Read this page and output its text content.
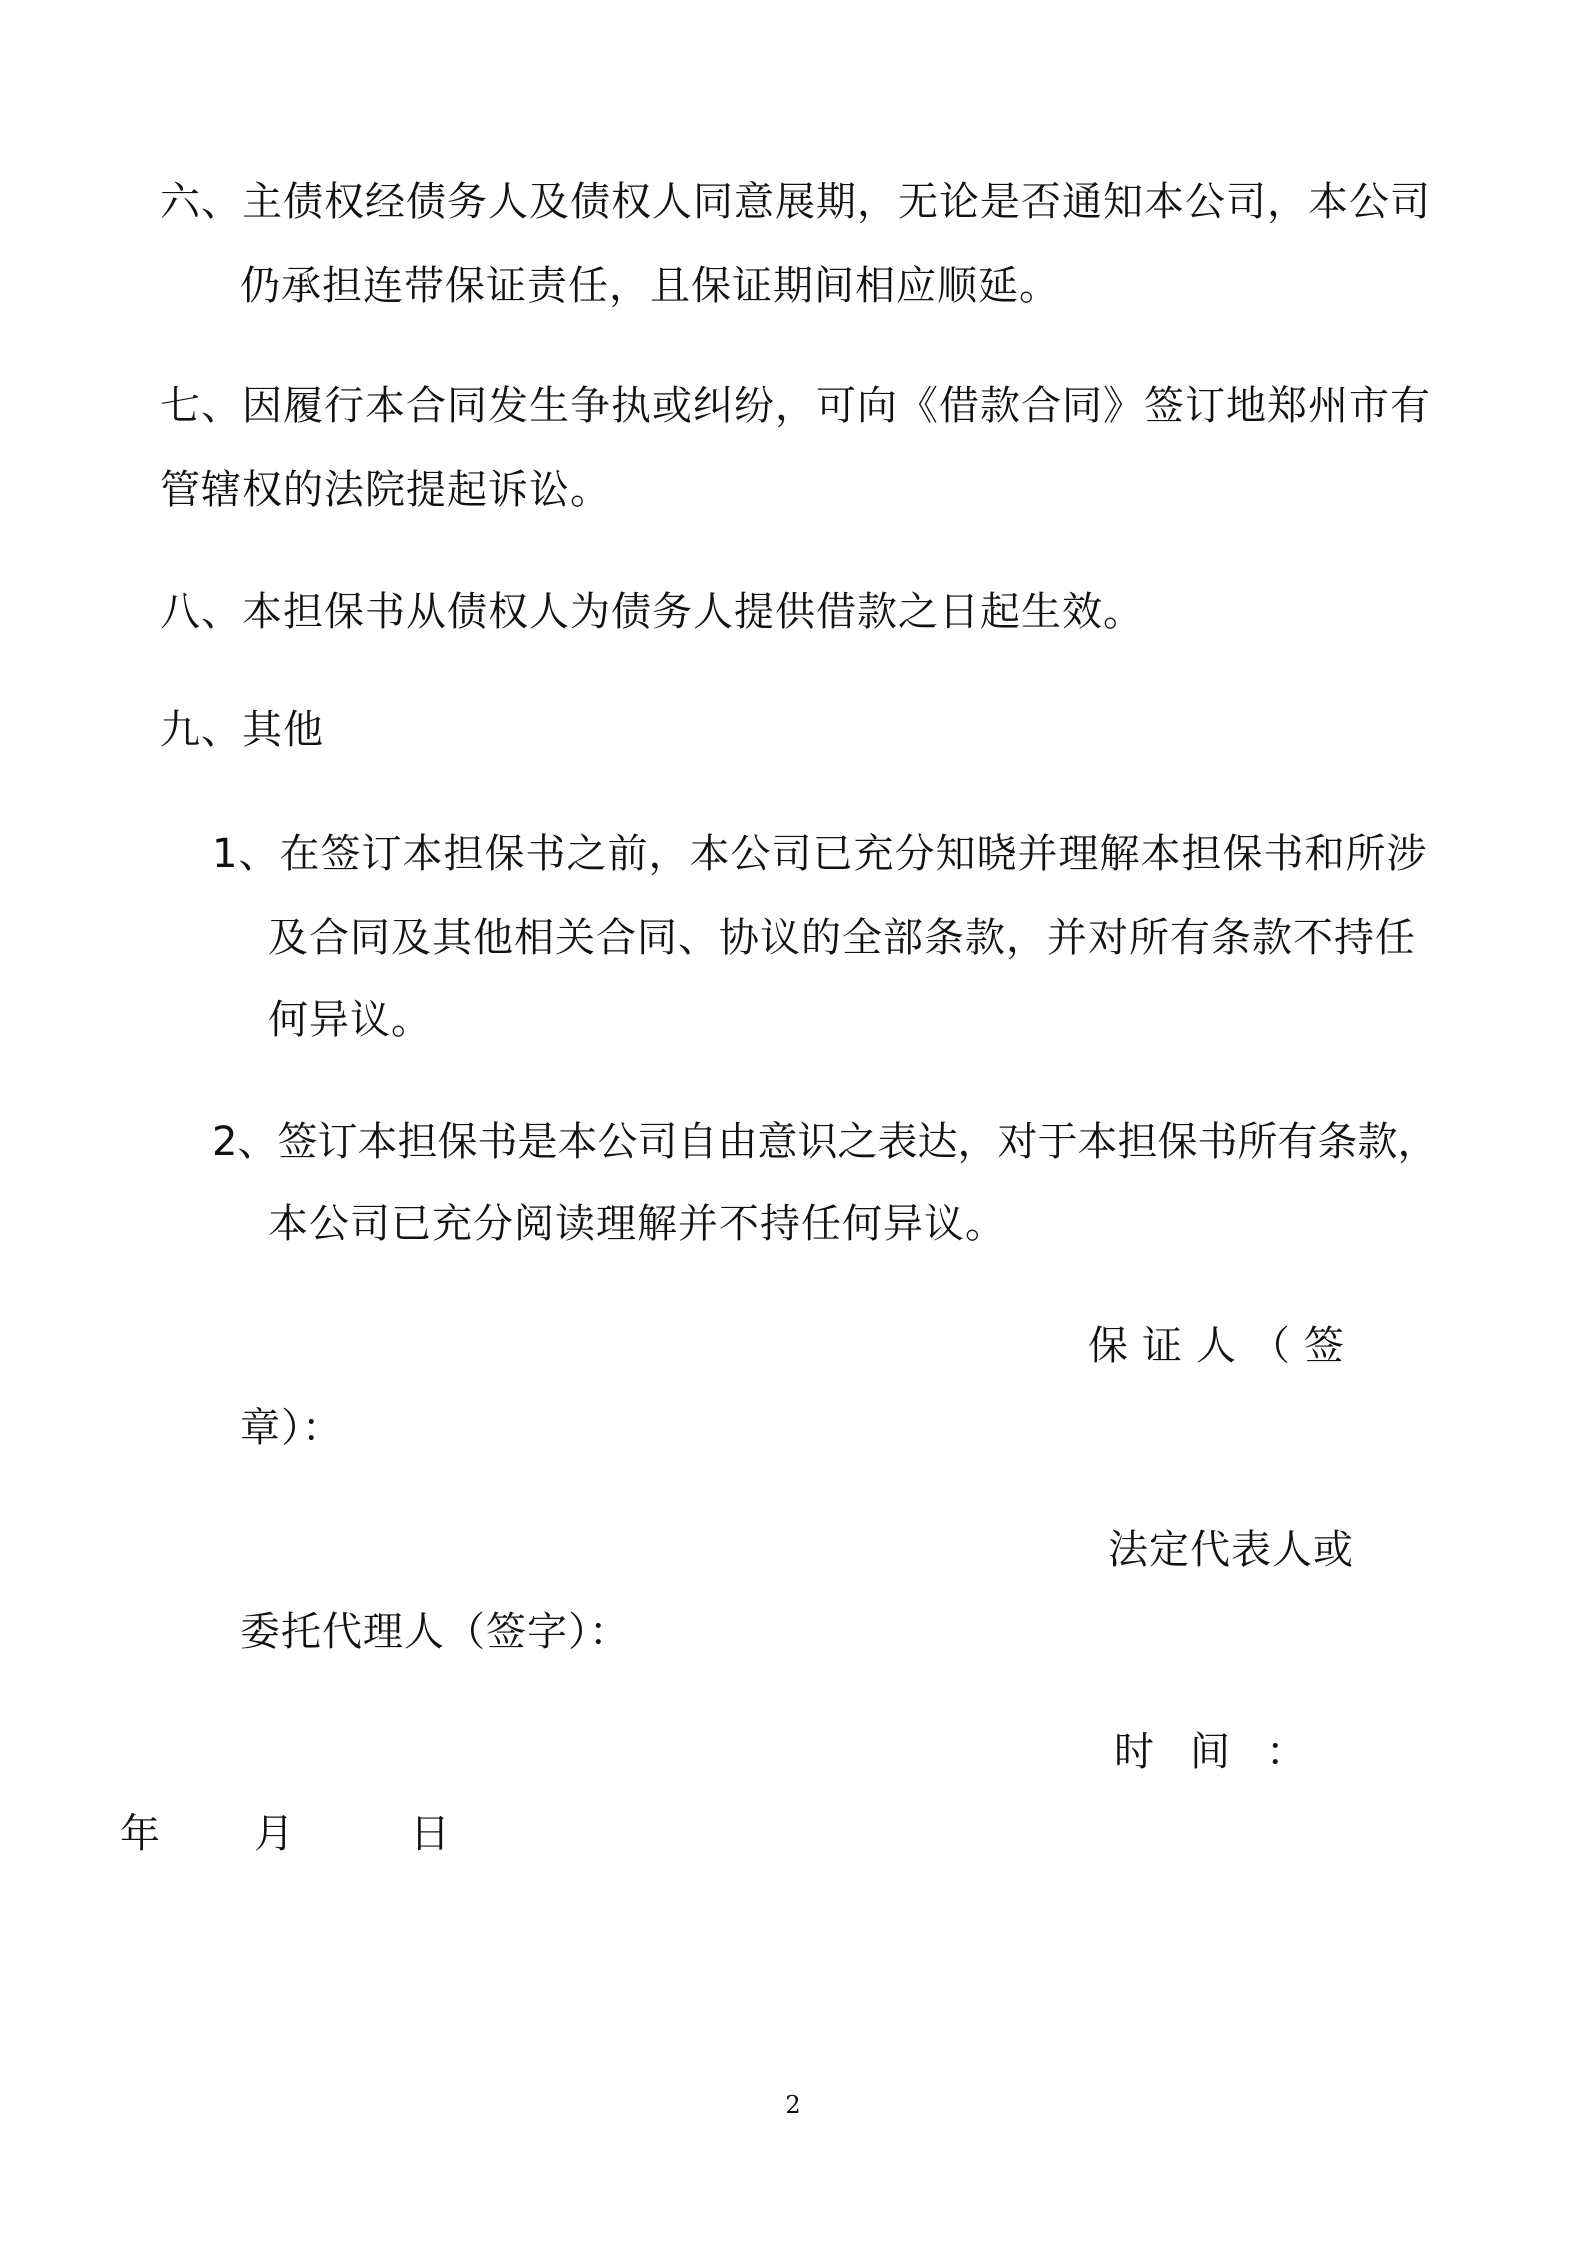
六、主债权经债务人及债权人同意展期，无论是否通知本公司，本公司

仍承担连带保证责任，且保证期间相应顺延。

七、因履行本合同发生争执或纠纷，可向《借款合同》签订地郑州市有

管辖权的法院提起诉讼。

八、本担保书从债权人为债务人提供借款之日起生效。

九、其他

1、在签订本担保书之前，本公司已充分知晓并理解本担保书和所涉

及合同及其他相关合同、协议的全部条款，并对所有条款不持任

何异议。

2、签订本担保书是本公司自由意识之表达，对于本担保书所有条款，

本公司已充分阅读理解并不持任何异议。

保证人（签

章）：

法定代表人或

委托代理人（签字）：

时间：

年 月	日
2
